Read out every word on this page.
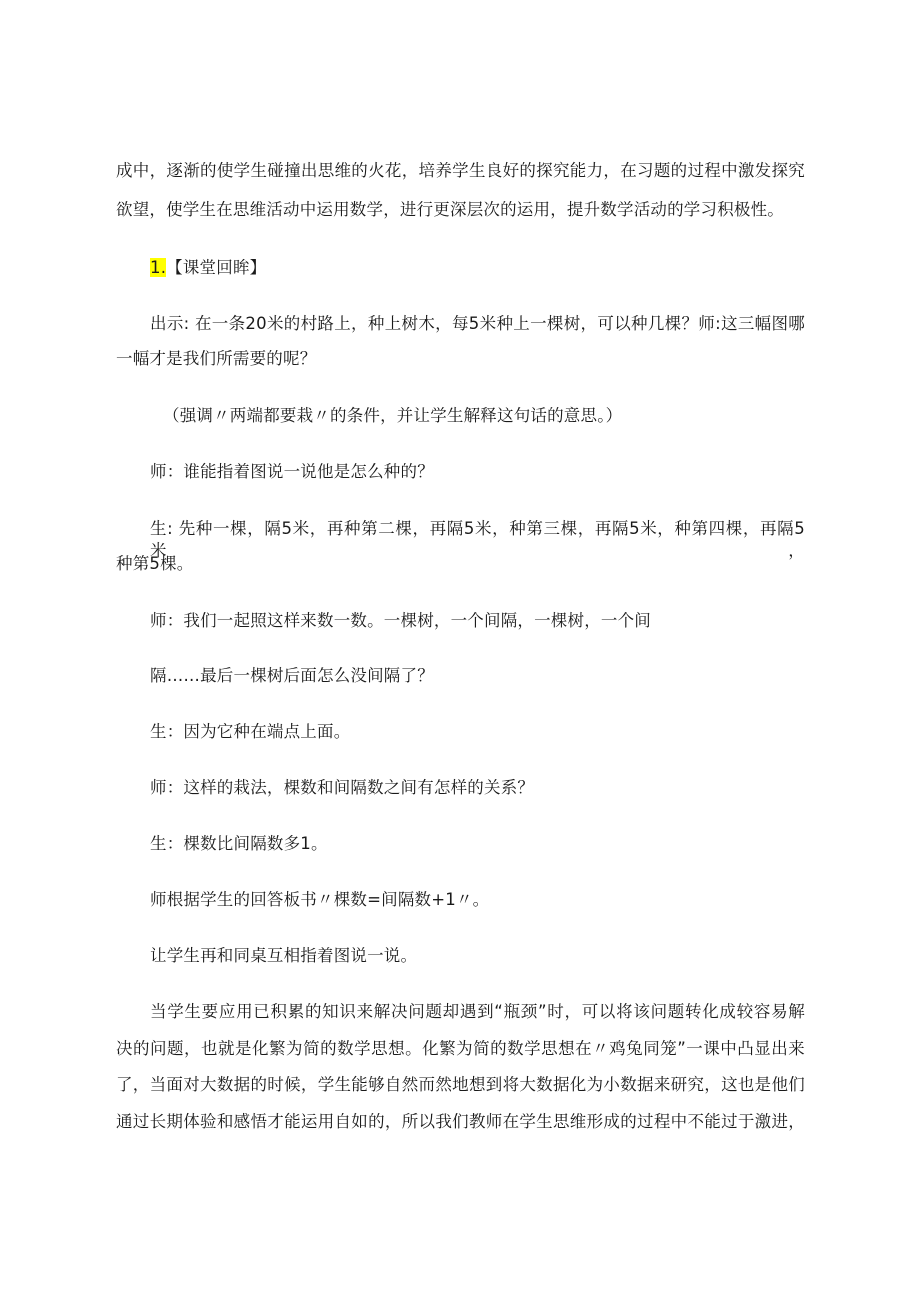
成中，逐渐的使学生碰撞出思维的火花，培养学生良好的探究能力，在习题的过程中激发探究
欲望，使学生在思维活动中运用数学，进行更深层次的运用，提升数学活动的学习积极性。
1.【课堂回眸】
出示: 在一条20米的村路上，种上树木，每5米种上一棵树，可以种几棵？师:这三幅图哪
一幅才是我们所需要的呢？
（强调〃两端都要栽〃的条件，并让学生解释这句话的意思。）
师：谁能指着图说一说他是怎么种的？
生: 先种一棵，隔5米，再种第二棵，再隔5米，种第三棵，再隔5米，种第四棵，再隔5米，
种第5棵。
师：我们一起照这样来数一数。一棵树，一个间隔，一棵树，一个间
隔……最后一棵树后面怎么没间隔了？
生：因为它种在端点上面。
师：这样的栽法，棵数和间隔数之间有怎样的关系？
生：棵数比间隔数多1。
师根据学生的回答板书〃棵数=间隔数+1〃。
让学生再和同桌互相指着图说一说。
当学生要应用已积累的知识来解决问题却遇到“瓶颈”时，可以将该问题转化成较容易解
决的问题，也就是化繁为简的数学思想。化繁为简的数学思想在〃鸡兔同笼”一课中凸显出来
了，当面对大数据的时候，学生能够自然而然地想到将大数据化为小数据来研究，这也是他们
通过长期体验和感悟才能运用自如的，所以我们教师在学生思维形成的过程中不能过于激进，
